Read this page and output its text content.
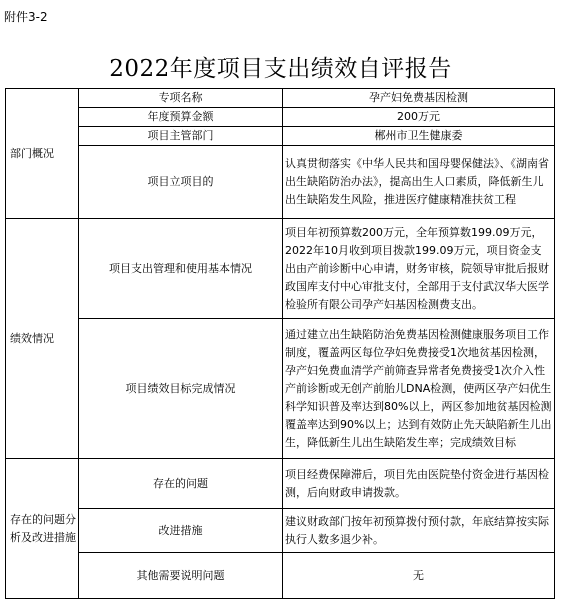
附件3-2
2022年度项目支出绩效自评报告
部门概况	专项名称	孕产妇免费基因检测
	年度预算金额	200万元
	项目主管部门	郴州市卫生健康委
	项目立项目的	认真贯彻落实《中华人民共和国母婴保健法》、《湖南省出生缺陷防治办法》，提高出生人口素质，降低新生儿出生缺陷发生风险，推进医疗健康精准扶贫工程
绩效情况	项目支出管理和使用基本情况	项目年初预算数200万元，全年预算数199.09万元，2022年10月收到项目拨款199.09万元，项目资金支出由产前诊断中心申请，财务审核，院领导审批后报财政国库支付中心审批支付，全部用于支付武汉华大医学检验所有限公司孕产妇基因检测费支出。
	项目绩效目标完成情况	通过建立出生缺陷防治免费基因检测健康服务项目工作制度，覆盖两区每位孕妇免费接受1次地贫基因检测，孕产妇免费血清学产前筛查异常者免费接受1次介入性产前诊断或无创产前胎儿DNA检测，使两区孕产妇优生科学知识普及率达到80%以上，两区参加地贫基因检测覆盖率达到90%以上；达到有效防止先天缺陷新生儿出生，降低新生儿出生缺陷发生率；完成绩效目标
存在的问题分析及改进措施	存在的问题	项目经费保障滞后，项目先由医院垫付资金进行基因检测，后向财政申请拨款。
	改进措施	建议财政部门按年初预算拨付预付款，年底结算按实际执行人数多退少补。
	其他需要说明问题	无
